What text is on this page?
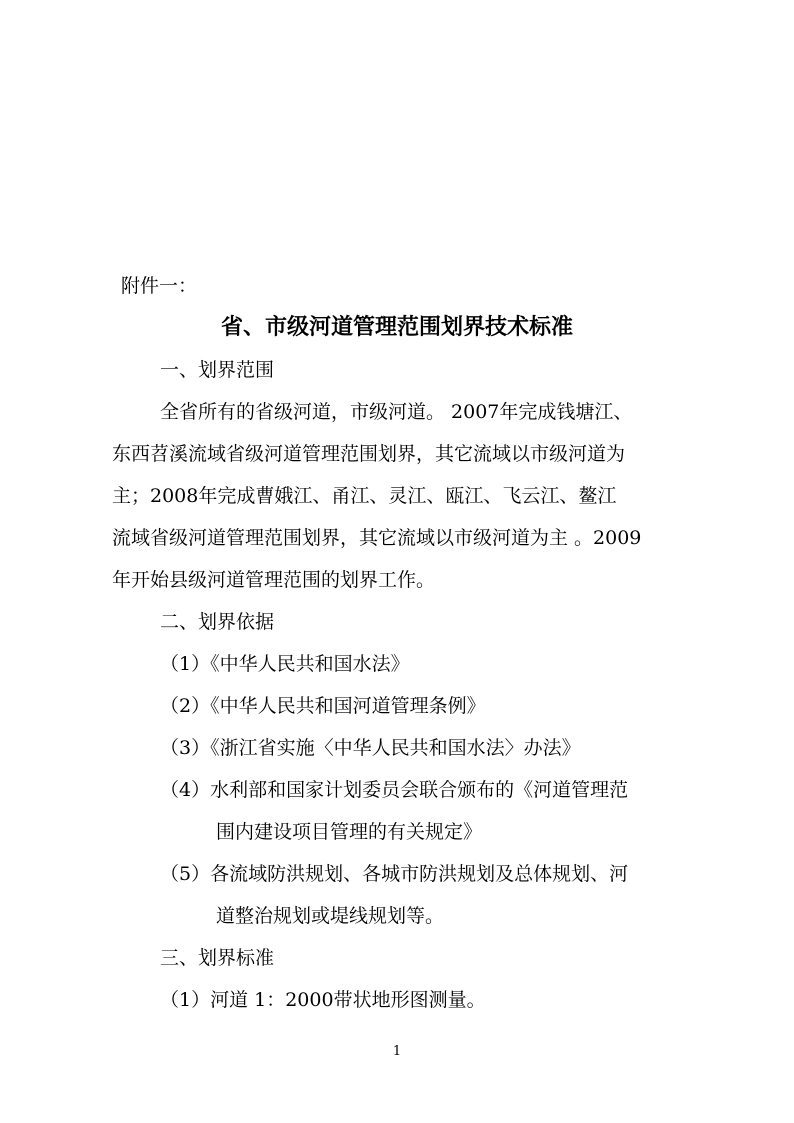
附件一：
省、市级河道管理范围划界技术标准
一、划界范围
全省所有的省级河道，市级河道。 2007年完成钱塘江、
东西苕溪流域省级河道管理范围划界，其它流域以市级河道为
主；2008年完成曹娥江、甬江、灵江、瓯江、飞云江、鳌江
流域省级河道管理范围划界，其它流域以市级河道为主 。2009
年开始县级河道管理范围的划界工作。
二、划界依据
（1）《中华人民共和国水法》
（2）《中华人民共和国河道管理条例》
（3）《浙江省实施〈中华人民共和国水法〉办法》
（4）水利部和国家计划委员会联合颁布的《河道管理范
围内建设项目管理的有关规定》
（5）各流域防洪规划、各城市防洪规划及总体规划、河
道整治规划或堤线规划等。
三、划界标准
（1）河道 1：2000带状地形图测量。
1
